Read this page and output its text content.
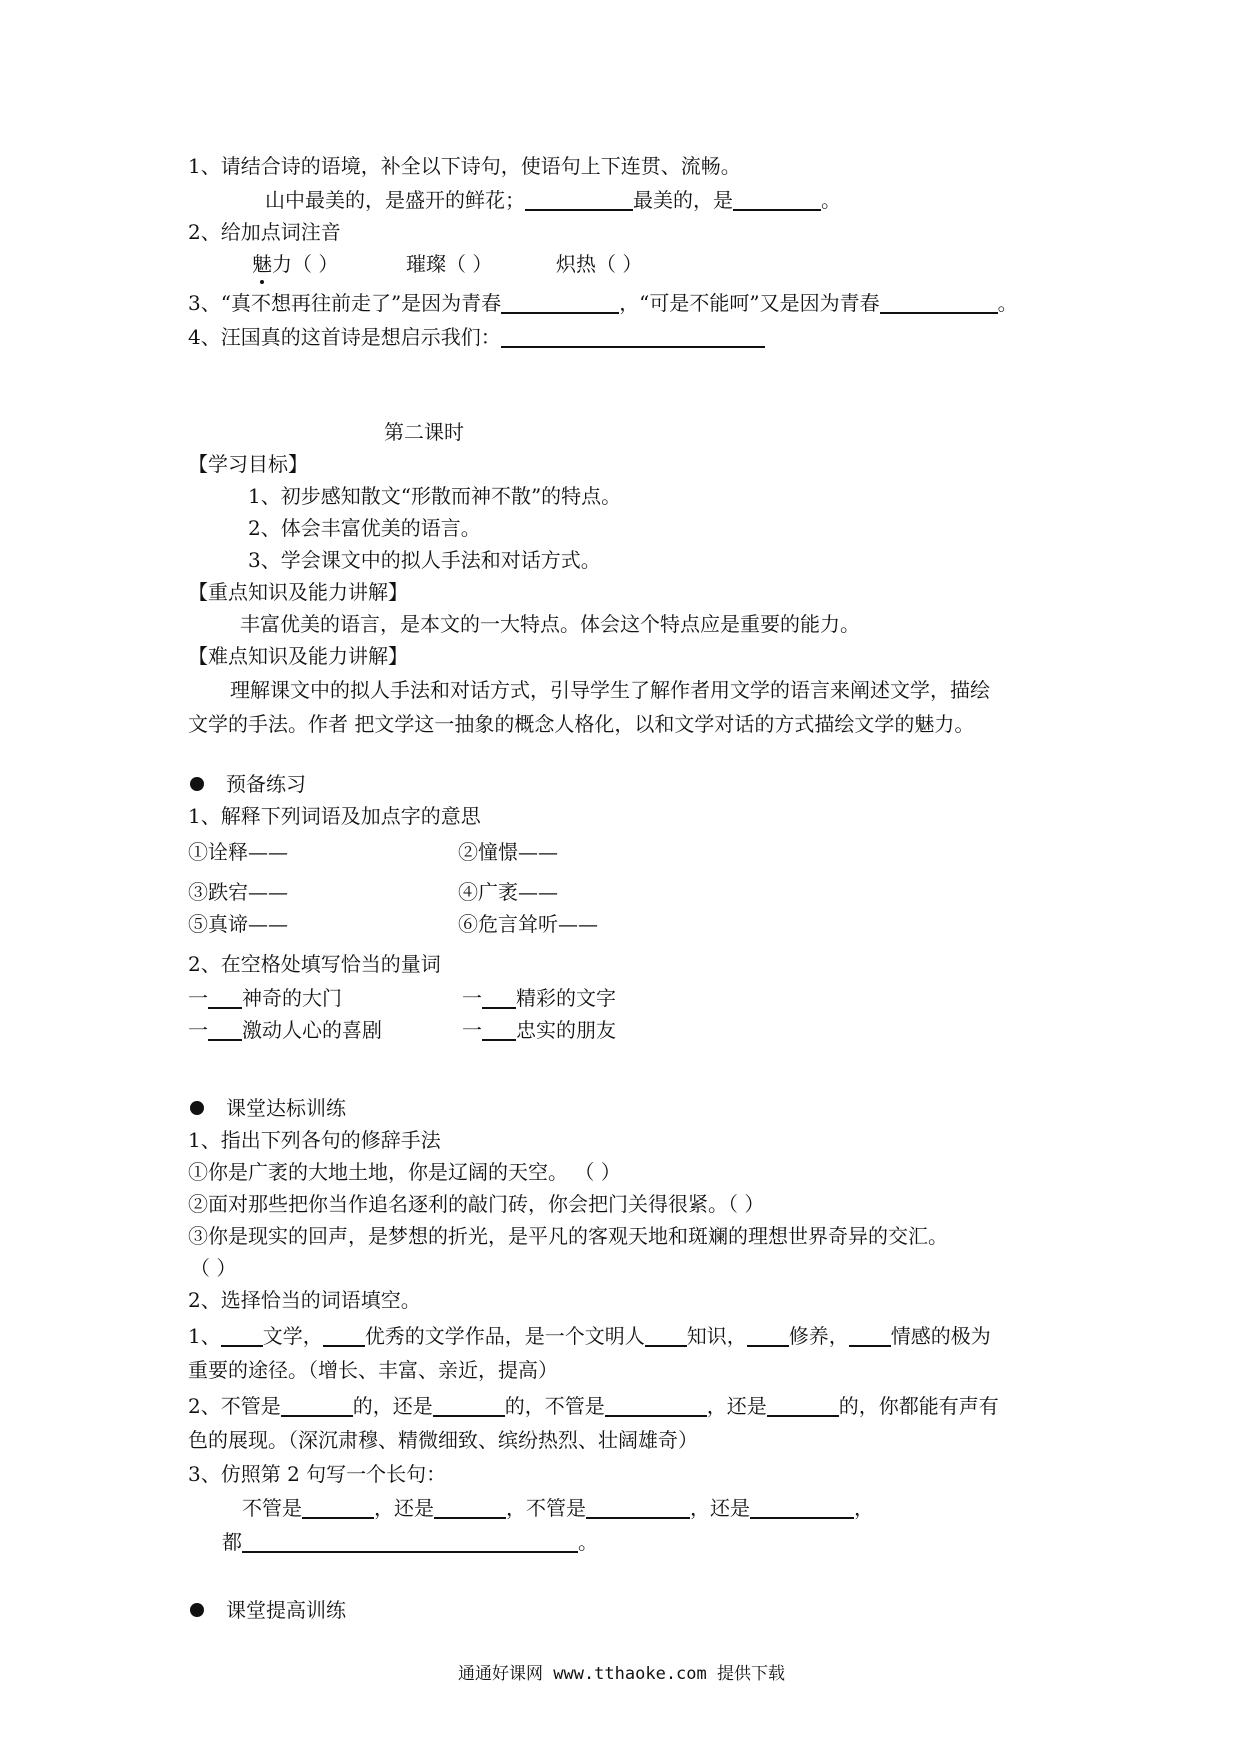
1、请结合诗的语境，补全以下诗句，使语句上下连贯、流畅。
山中最美的，是盛开的鲜花；	最美的，是	。
2、给加点词注音
魅力（ ）	璀璨（ ）	炽热（ ）
3、“真不想再往前走了”是因为青春	，“可是不能呵”又是因为青春	。
4、汪国真的这首诗是想启示我们：
第二课时
【学习目标】
1、初步感知散文“形散而神不散”的特点。
2、体会丰富优美的语言。
3、学会课文中的拟人手法和对话方式。
【重点知识及能力讲解】
丰富优美的语言，是本文的一大特点。体会这个特点应是重要的能力。
【难点知识及能力讲解】
理解课文中的拟人手法和对话方式，引导学生了解作者用文学的语言来阐述文学，描绘
文学的手法。作者 把文学这一抽象的概念人格化，以和文学对话的方式描绘文学的魅力。
预备练习
1、解释下列词语及加点字的意思
①诠释——	②憧憬——
③跌宕——	④广袤——
⑤真谛——	⑥危言耸听——
2、在空格处填写恰当的量词
一 神奇的大门	一 精彩的文字
一 激动人心的喜剧	一 忠实的朋友
课堂达标训练
1、指出下列各句的修辞手法
①你是广袤的大地土地，你是辽阔的天空。 （ ）
②面对那些把你当作追名逐利的敲门砖，你会把门关得很紧。（ ）
③你是现实的回声，是梦想的折光，是平凡的客观天地和斑斓的理想世界奇异的交汇。
（ ）
2、选择恰当的词语填空。
1、 文学， 优秀的文学作品，是一个文明人 知识， 修养， 情感的极为
重要的途径。（增长、丰富、亲近，提高）
2、不管是	的，还是	的，不管是	，还是	的，你都能有声有
色的展现。（深沉肃穆、精微细致、缤纷热烈、壮阔雄奇）
3、仿照第 2 句写一个长句：
不管是	，还是	，不管是	，还是	，
都	。
课堂提高训练
通通好课网 www.tthaoke.com 提供下载
